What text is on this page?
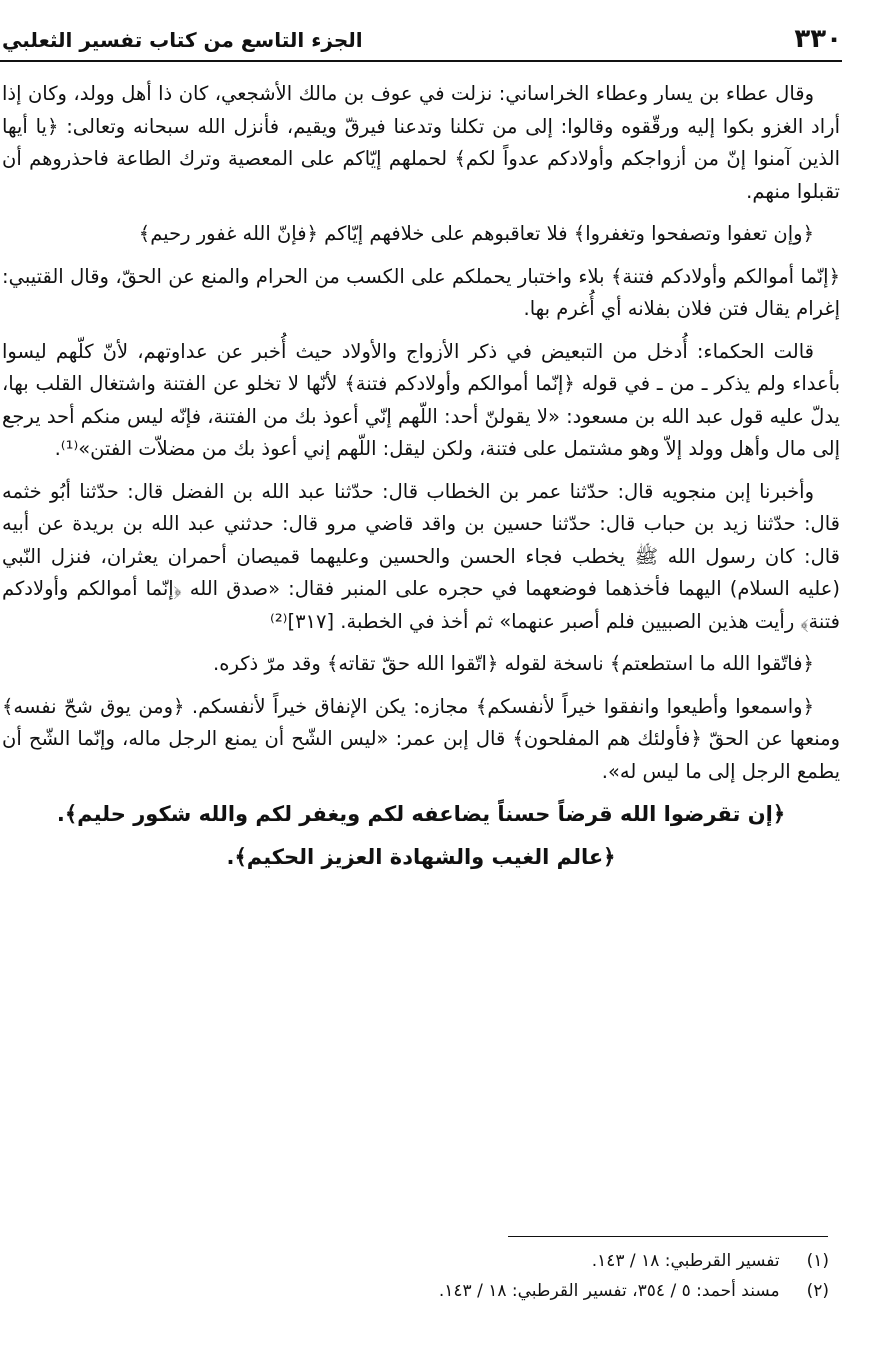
٣٣٠
الجزء التاسع من كتاب تفسير الثعلبي

وقال عطاء بن يسار وعطاء الخراساني: نزلت في عوف بن مالك الأشجعي، كان ذا أهل وولد، وكان إذا أراد الغزو بكوا إليه ورقّقوه وقالوا: إلى من تكلنا وتدعنا فيرقّ ويقيم، فأنزل الله سبحانه وتعالى: ﴿يا أيها الذين آمنوا إنّ من أزواجكم وأولادكم عدواً لكم﴾ لحملهم إيّاكم على المعصية وترك الطاعة فاحذروهم أن تقبلوا منهم.

﴿وإن تعفوا وتصفحوا وتغفروا﴾ فلا تعاقبوهم على خلافهم إيّاكم ﴿فإنّ الله غفور رحيم﴾

﴿إنّما أموالكم وأولادكم فتنة﴾ بلاء واختبار يحملكم على الكسب من الحرام والمنع عن الحقّ، وقال القتيبي: إغرام يقال فتن فلان بفلانه أي أُغرم بها.

قالت الحكماء: أُدخل من التبعيض في ذكر الأزواج والأولاد حيث أُخبر عن عداوتهم، لأنّ كلّهم ليسوا بأعداء ولم يذكر ـ من ـ في قوله ﴿إنّما أموالكم وأولادكم فتنة﴾ لأنّها لا تخلو عن الفتنة واشتغال القلب بها، يدلّ عليه قول عبد الله بن مسعود: «لا يقولنّ أحد: اللّهم إنّي أعوذ بك من الفتنة، فإنّه ليس منكم أحد يرجع إلى مال وأهل وولد إلاّ وهو مشتمل على فتنة، ولكن ليقل: اللّهم إني أعوذ بك من مضلاّت الفتن»⁽¹⁾.

وأخبرنا إبن منجويه قال: حدّثنا عمر بن الخطاب قال: حدّثنا عبد الله بن الفضل قال: حدّثنا أبُو خثمه قال: حدّثنا زيد بن حباب قال: حدّثنا حسين بن واقد قاضي مرو قال: حدثني عبد الله بن بريدة عن أبيه قال: كان رسول الله ﷺ يخطب فجاء الحسن والحسين وعليهما قميصان أحمران يعثران، فنزل النّبي (عليه السلام) اليهما فأخذهما فوضعهما في حجره على المنبر فقال: «صدق الله ﴿إنّما أموالكم وأولادكم فتنة﴾ رأيت هذين الصبيين فلم أصبر عنهما» ثم أخذ في الخطبة. [٣١٧]⁽²⁾

﴿فاتّقوا الله ما استطعتم﴾ ناسخة لقوله ﴿اتّقوا الله حقّ تقاته﴾ وقد مرّ ذكره.

﴿واسمعوا وأطيعوا وانفقوا خيراً لأنفسكم﴾ مجازه: يكن الإنفاق خيراً لأنفسكم. ﴿ومن يوق شحّ نفسه﴾ ومنعها عن الحقّ ﴿فأولئك هم المفلحون﴾ قال إبن عمر: «ليس الشّح أن يمنع الرجل ماله، وإنّما الشّح أن يطمع الرجل إلى ما ليس له».

﴿إن تقرضوا الله قرضاً حسناً يضاعفه لكم ويغفر لكم والله شكور حليم﴾.

﴿عالم الغيب والشهادة العزيز الحكيم﴾.

(١) تفسير القرطبي: ١٨ / ١٤٣.
(٢) مسند أحمد: ٥ / ٣٥٤، تفسير القرطبي: ١٨ / ١٤٣.
